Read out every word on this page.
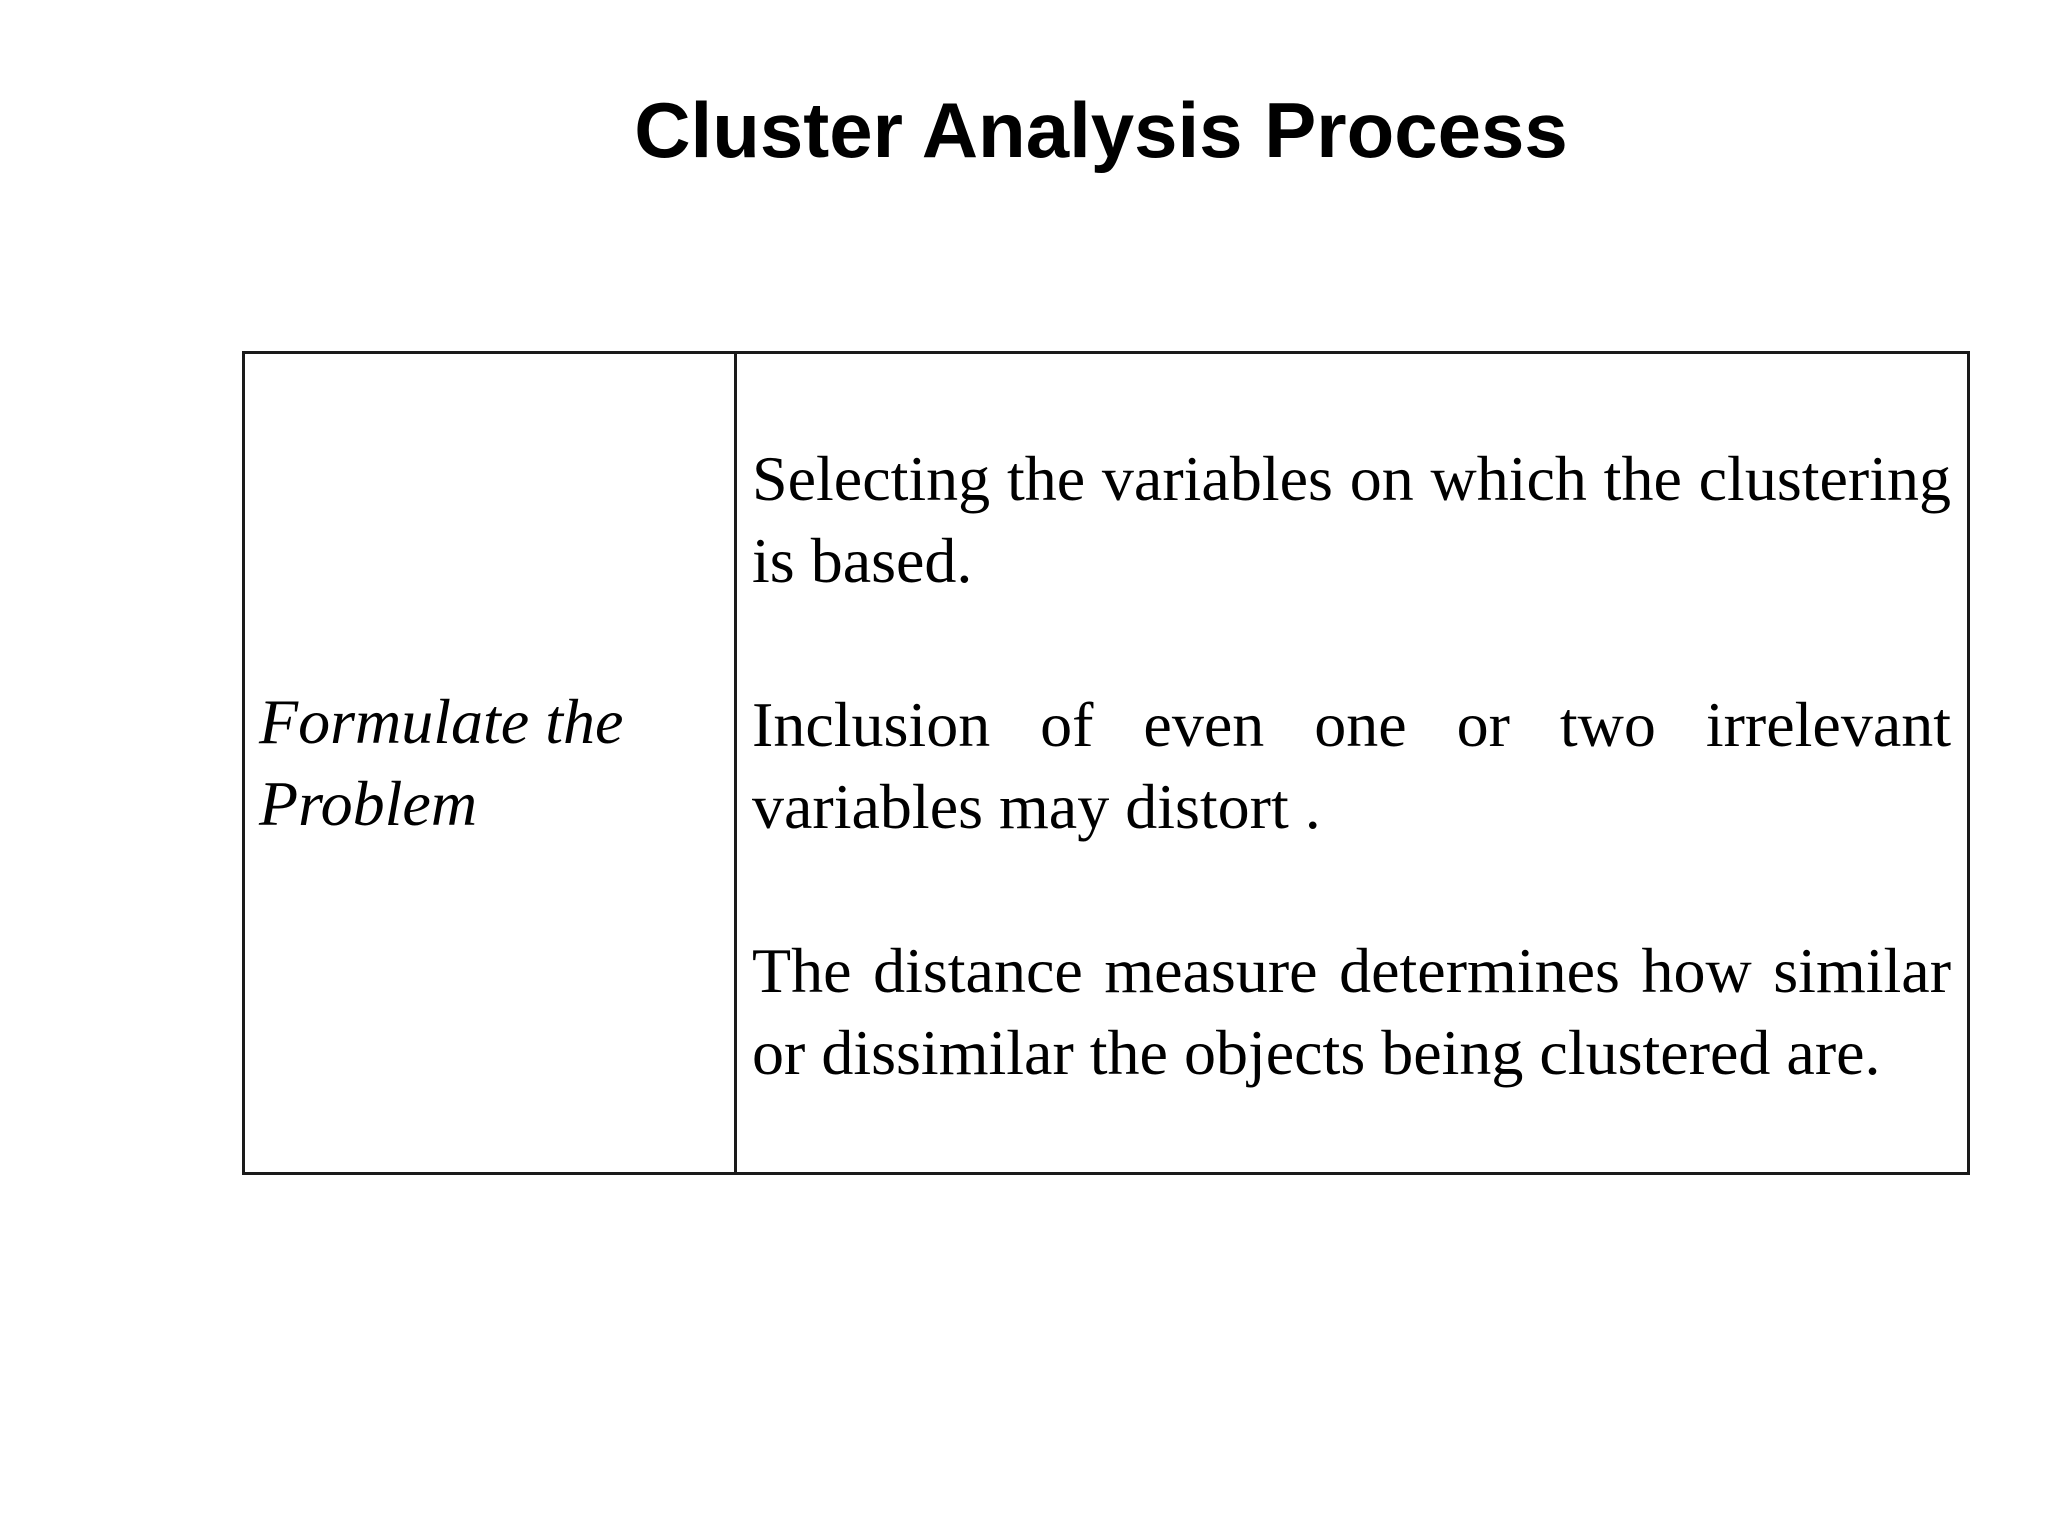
Cluster Analysis Process
Formulate the Problem

Selecting the variables on which the clustering is based.

Inclusion of even one or two irrelevant variables may distort .

The distance measure determines how similar or dissimilar the objects being clustered are.
